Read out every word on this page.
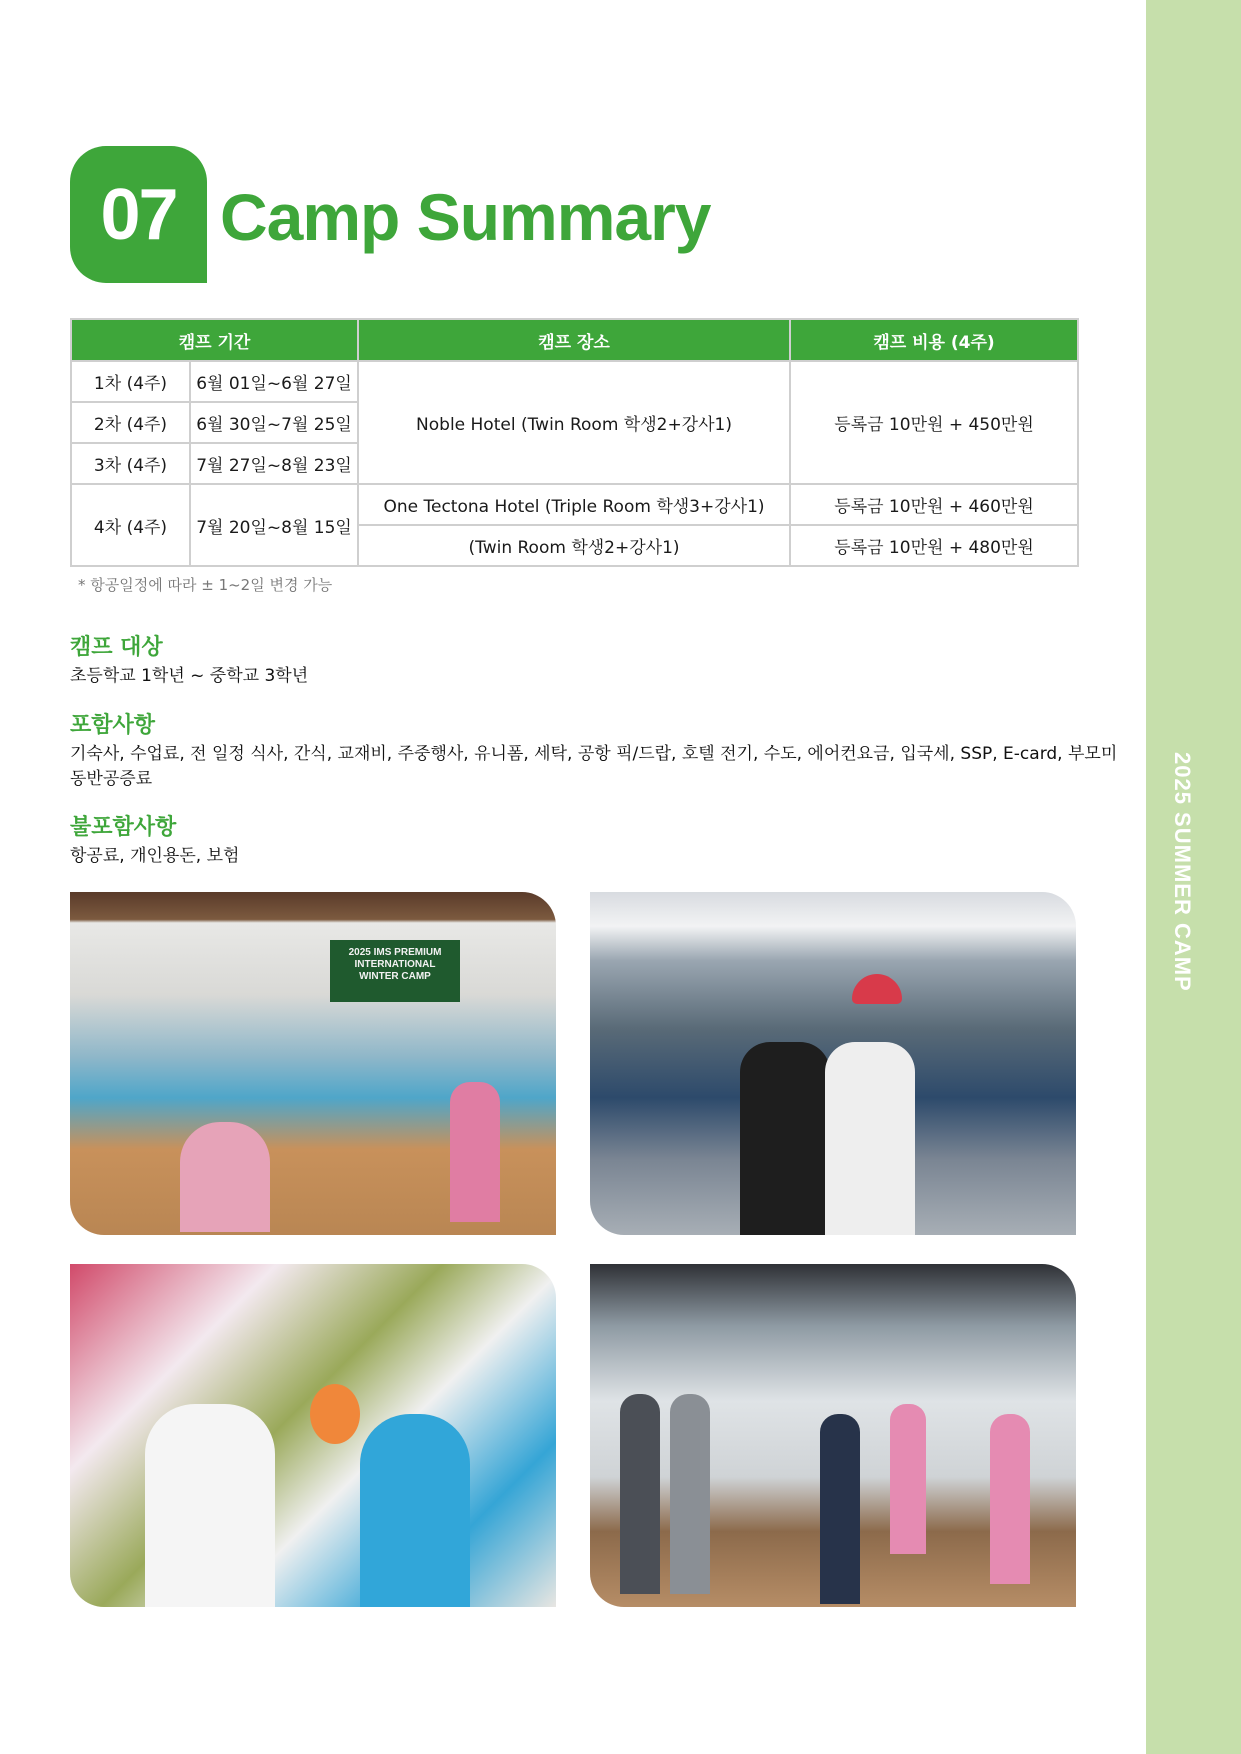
2025 SUMMER CAMP
07 Camp Summary
캠프 기간		캠프 장소	캠프 비용 (4주)
1차 (4주)	6월 01일~6월 27일	Noble Hotel (Twin Room 학생2+강사1)	등록금 10만원 + 450만원
2차 (4주)	6월 30일~7월 25일		
3차 (4주)	7월 27일~8월 23일		
4차 (4주)	7월 20일~8월 15일	One Tectona Hotel (Triple Room 학생3+강사1)	등록금 10만원 + 460만원
		(Twin Room 학생2+강사1)	등록금 10만원 + 480만원
* 항공일정에 따라 ± 1~2일 변경 가능
캠프 대상
초등학교 1학년 ~ 중학교 3학년
포함사항
기숙사, 수업료, 전 일정 식사, 간식, 교재비, 주중행사, 유니폼, 세탁, 공항 픽/드랍, 호텔 전기, 수도, 에어컨요금, 입국세, SSP, E-card, 부모미
동반공증료
불포함사항
항공료, 개인용돈, 보험
2025 IMS PREMIUM INTERNATIONAL WINTER CAMP
